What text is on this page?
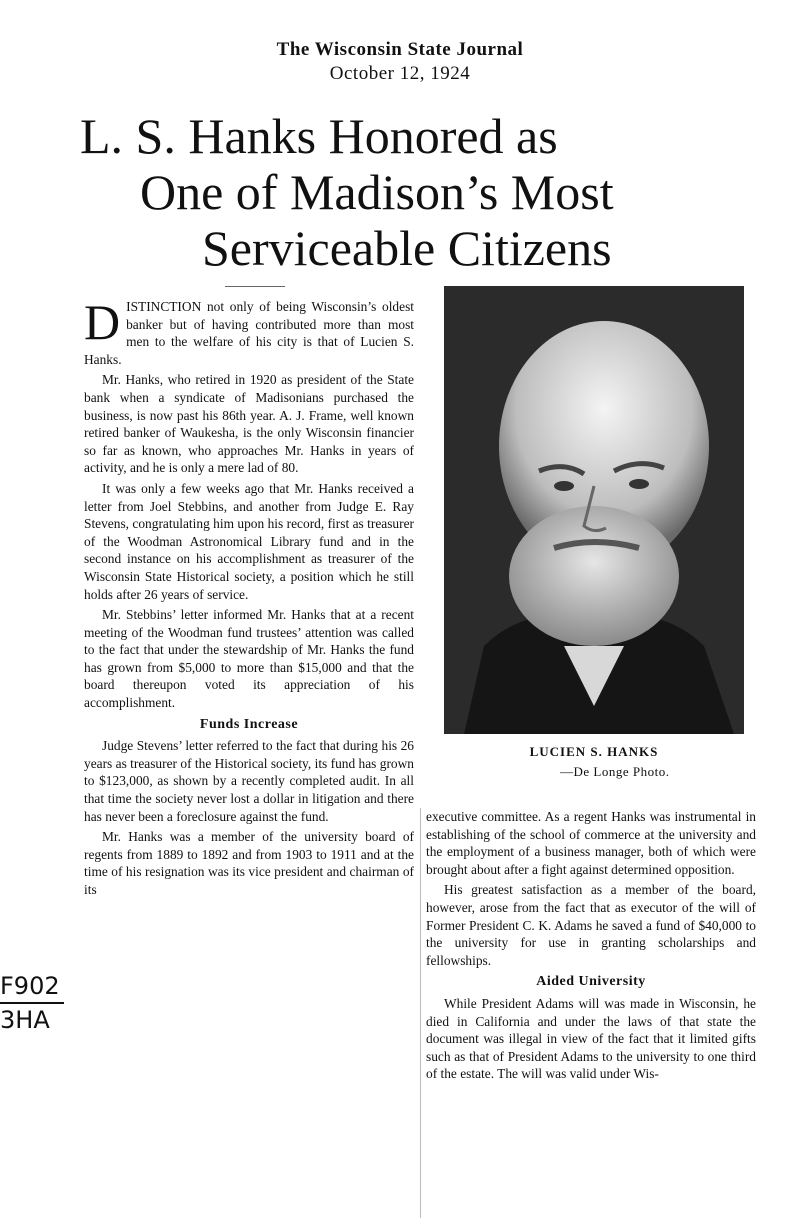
The Wisconsin State Journal
October 12, 1924
L. S. Hanks Honored as
One of Madison’s Most
Serviceable Citizens

DISTINCTION not only of being Wisconsin’s oldest banker but of having contributed more than most men to the welfare of his city is that of Lucien S. Hanks.

Mr. Hanks, who retired in 1920 as president of the State bank when a syndicate of Madisonians purchased the business, is now past his 86th year. A. J. Frame, well known retired banker of Waukesha, is the only Wisconsin financier so far as known, who approaches Mr. Hanks in years of activity, and he is only a mere lad of 80.

It was only a few weeks ago that Mr. Hanks received a letter from Joel Stebbins, and another from Judge E. Ray Stevens, congratulating him upon his record, first as treasurer of the Woodman Astronomical Library fund and in the second instance on his accomplishment as treasurer of the Wisconsin State Historical society, a position which he still holds after 26 years of service.

Mr. Stebbins’ letter informed Mr. Hanks that at a recent meeting of the Woodman fund trustees’ attention was called to the fact that under the stewardship of Mr. Hanks the fund has grown from $5,000 to more than $15,000 and that the board thereupon voted its appreciation of his accomplishment.

Funds Increase

Judge Stevens’ letter referred to the fact that during his 26 years as treasurer of the Historical society, its fund has grown to $123,000, as shown by a recently completed audit. In all that time the society never lost a dollar in litigation and there has never been a foreclosure against the fund.

Mr. Hanks was a member of the university board of regents from 1889 to 1892 and from 1903 to 1911 and at the time of his resignation was its vice president and chairman of its

LUCIEN S. HANKS
—De Longe Photo.

executive committee. As a regent Hanks was instrumental in establishing of the school of commerce at the university and the employment of a business manager, both of which were brought about after a fight against determined opposition.

His greatest satisfaction as a member of the board, however, arose from the fact that as executor of the will of Former President C. K. Adams he saved a fund of $40,000 to the university for use in granting scholarships and fellowships.

Aided University

While President Adams will was made in Wisconsin, he died in California and under the laws of that state the document was illegal in view of the fact that it limited gifts such as that of President Adams to the university to one third of the estate. The will was valid under Wis-

F902
3HA
